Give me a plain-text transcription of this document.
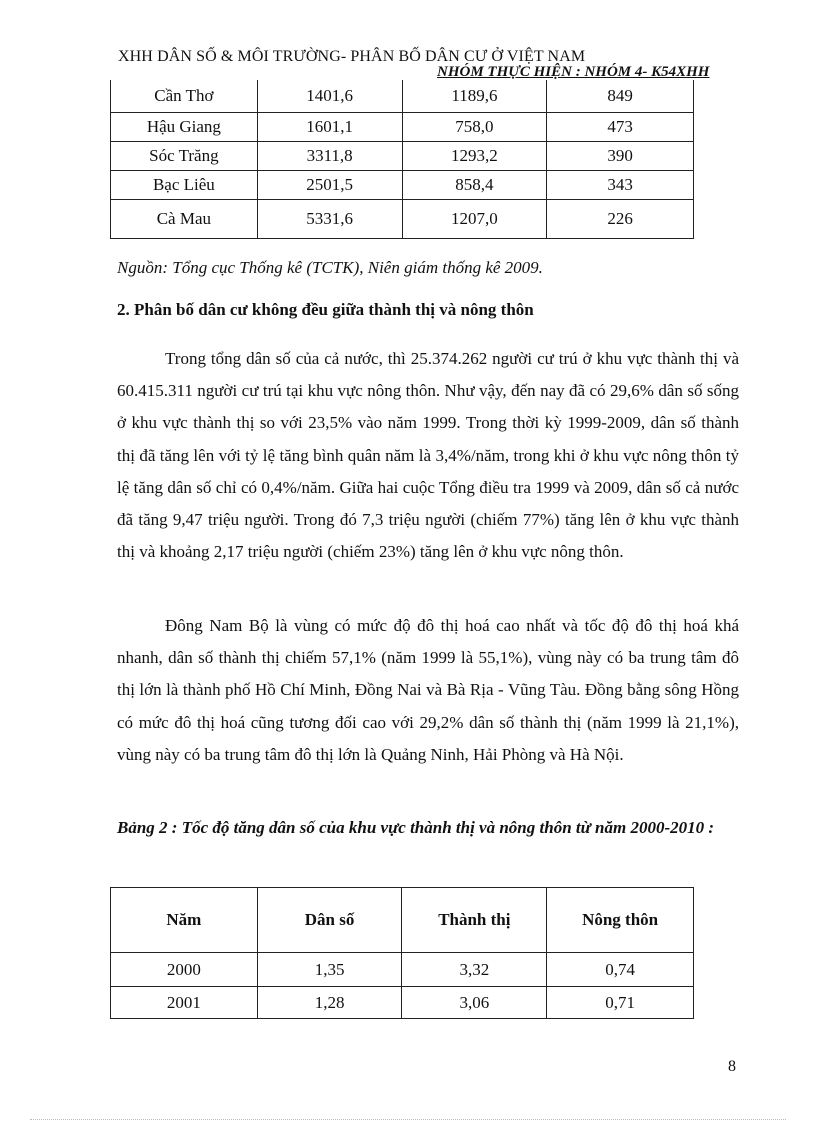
XHH DÂN SỐ & MÔI TRƯỜNG- PHÂN BỐ DÂN CƯ Ở VIỆT NAM
NHÓM THỰC HIỆN : NHÓM 4- K54XHH
Cần Thơ	1401,6	1189,6	849
Hậu Giang	1601,1	758,0	473
Sóc Trăng	3311,8	1293,2	390
Bạc Liêu	2501,5	858,4	343
Cà Mau	5331,6	1207,0	226
Nguồn: Tổng cục Thống kê (TCTK), Niên giám thống kê 2009.
2. Phân bố dân cư không đều giữa thành thị và nông thôn
Trong tổng dân số của cả nước, thì 25.374.262 người cư trú ở khu vực thành thị và 60.415.311 người cư trú tại khu vực nông thôn. Như vậy, đến nay đã có 29,6% dân số sống ở khu vực thành thị so với 23,5% vào năm 1999. Trong thời kỳ 1999-2009, dân số thành thị đã tăng lên với tỷ lệ tăng bình quân năm là 3,4%/năm, trong khi ở khu vực nông thôn tỷ lệ tăng dân số chỉ có 0,4%/năm. Giữa hai cuộc Tổng điều tra 1999 và 2009, dân số cả nước đã tăng 9,47 triệu người. Trong đó 7,3 triệu người (chiếm 77%) tăng lên ở khu vực thành thị và khoảng 2,17 triệu người (chiếm 23%) tăng lên ở khu vực nông thôn.
Đông Nam Bộ là vùng có mức độ đô thị hoá cao nhất và tốc độ đô thị hoá khá nhanh, dân số thành thị chiếm 57,1% (năm 1999 là 55,1%), vùng này có ba trung tâm đô thị lớn là thành phố Hồ Chí Minh, Đồng Nai và Bà Rịa - Vũng Tàu. Đồng bằng sông Hồng có mức đô thị hoá cũng tương đối cao với 29,2% dân số thành thị (năm 1999 là 21,1%), vùng này có ba trung tâm đô thị lớn là Quảng Ninh, Hải Phòng và Hà Nội.
Bảng 2 : Tốc độ tăng dân số của khu vực thành thị và nông thôn từ năm 2000-2010 :
Năm	Dân số	Thành thị	Nông thôn
2000	1,35	3,32	0,74
2001	1,28	3,06	0,71
8
